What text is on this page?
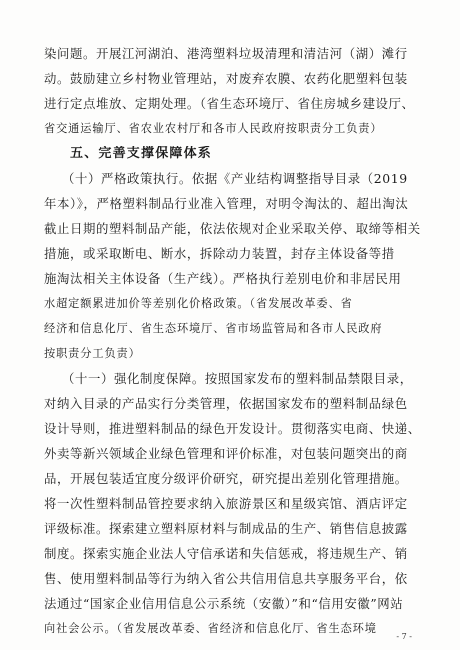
染问题。开展江河湖泊、港湾塑料垃圾清理和清洁河（湖）滩行
动。鼓励建立乡村物业管理站，对废弃农膜、农药化肥塑料包装
进行定点堆放、定期处理。（省生态环境厅、省住房城乡建设厅、
省交通运输厅、省农业农村厅和各市人民政府按职责分工负责）
五、完善支撑保障体系
（十）严格政策执行。依据《产业结构调整指导目录（2019
年本）》，严格塑料制品行业准入管理，对明令淘汰的、超出淘汰
截止日期的塑料制品产能，依法依规对企业采取关停、取缔等相关
措施，或采取断电、断水，拆除动力装置，封存主体设备等措
施淘汰相关主体设备（生产线）。严格执行差别电价和非居民用
水超定额累进加价等差别化价格政策。（省发展改革委、省
经济和信息化厅、省生态环境厅、省市场监管局和各市人民政府
按职责分工负责）
（十一）强化制度保障。按照国家发布的塑料制品禁限目录，
对纳入目录的产品实行分类管理，依据国家发布的塑料制品绿色
设计导则，推进塑料制品的绿色开发设计。贯彻落实电商、快递、
外卖等新兴领域企业绿色管理和评价标准，对包装问题突出的商
品，开展包装适宜度分级评价研究，研究提出差别化管理措施。
将一次性塑料制品管控要求纳入旅游景区和星级宾馆、酒店评定
评级标准。探索建立塑料原材料与制成品的生产、销售信息披露
制度。探索实施企业法人守信承诺和失信惩戒，将违规生产、销
售、使用塑料制品等行为纳入省公共信用信息共享服务平台，依
法通过“国家企业信用信息公示系统（安徽）”和“信用安徽”网站
向社会公示。（省发展改革委、省经济和信息化厅、省生态环境
- 7 -
